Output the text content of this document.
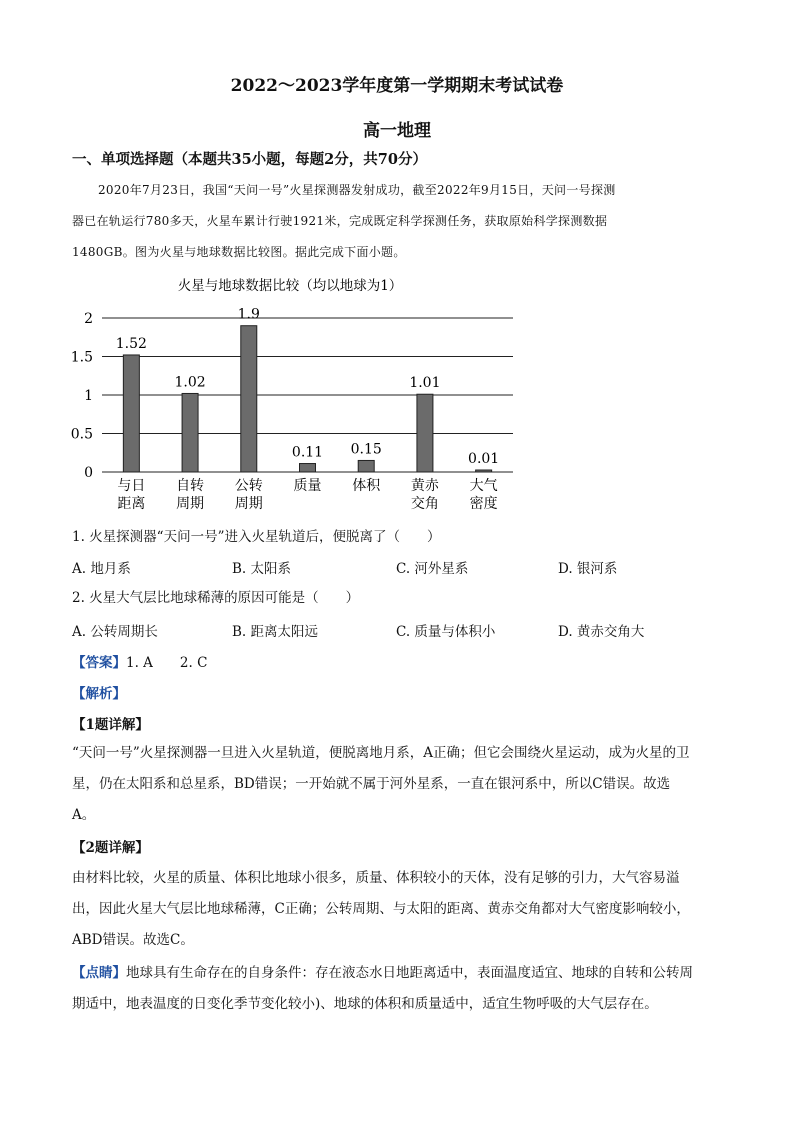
2022～2023学年度第一学期期末考试试卷
高一地理
一、单项选择题（本题共35小题，每题2分，共70分）
2020年7月23日，我国“天问一号”火星探测器发射成功，截至2022年9月15日，天问一号探测
器已在轨运行780多天，火星车累计行驶1921米，完成既定科学探测任务，获取原始科学探测数据
1480GB。图为火星与地球数据比较图。据此完成下面小题。
火星与地球数据比较（均以地球为1）
0
0.5
1
1.5
2
1.52
与日
距离
1.02
自转
周期
1.9
公转
周期
0.11
质量
0.15
体积
1.01
黄赤
交角
0.01
大气
密度
1. 火星探测器“天问一号”进入火星轨道后，便脱离了（　　）
A. 地月系	B. 太阳系	C. 河外星系	D. 银河系
2. 火星大气层比地球稀薄的原因可能是（　　）
A. 公转周期长	B. 距离太阳远	C. 质量与体积小	D. 黄赤交角大
【答案】1. A　　2. C
【解析】
【1题详解】
“天问一号”火星探测器一旦进入火星轨道，便脱离地月系，A正确；但它会围绕火星运动，成为火星的卫
星，仍在太阳系和总星系，BD错误；一开始就不属于河外星系，一直在银河系中，所以C错误。故选
A。
【2题详解】
由材料比较，火星的质量、体积比地球小很多，质量、体积较小的天体，没有足够的引力，大气容易溢
出，因此火星大气层比地球稀薄，C正确；公转周期、与太阳的距离、黄赤交角都对大气密度影响较小，
ABD错误。故选C。
【点睛】地球具有生命存在的自身条件：存在液态水日地距离适中，表面温度适宜、地球的自转和公转周
期适中，地表温度的日变化季节变化较小)、地球的体积和质量适中，适宜生物呼吸的大气层存在。
